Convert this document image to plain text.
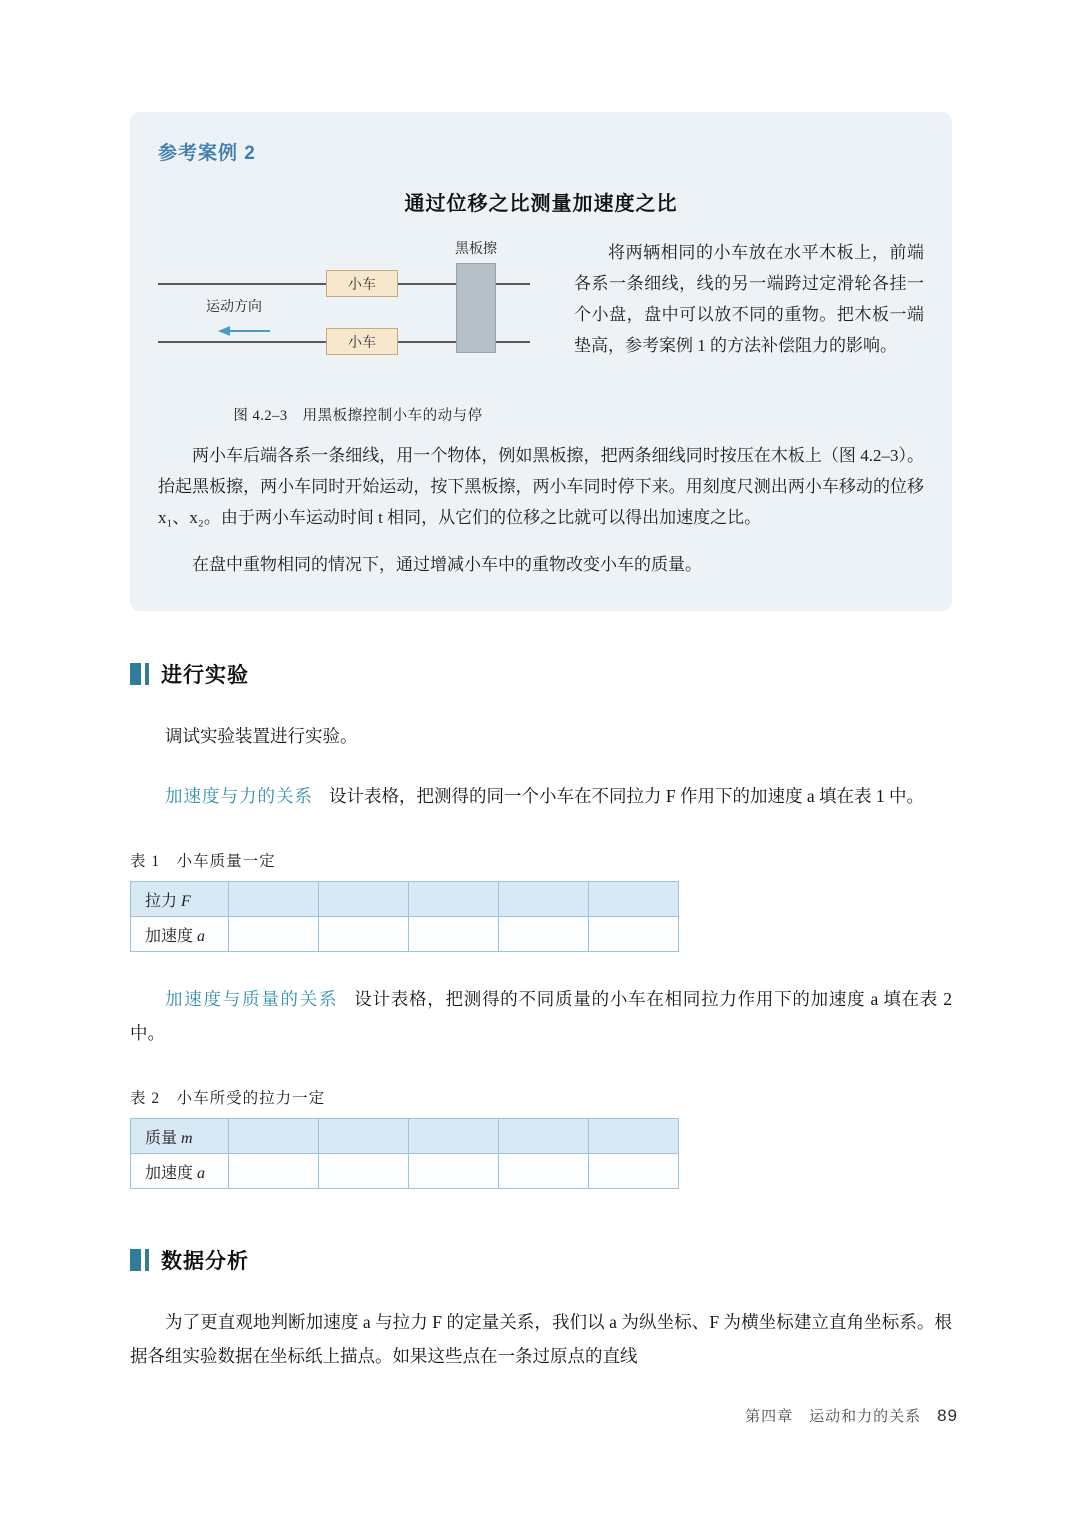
参考案例 2
通过位移之比测量加速度之比
黑板擦
小车
小车
运动方向
图 4.2–3　用黑板擦控制小车的动与停

将两辆相同的小车放在水平木板上，前端各系一条细线，线的另一端跨过定滑轮各挂一个小盘，盘中可以放不同的重物。把木板一端垫高，参考案例 1 的方法补偿阻力的影响。

两小车后端各系一条细线，用一个物体，例如黑板擦，把两条细线同时按压在木板上（图 4.2–3）。抬起黑板擦，两小车同时开始运动，按下黑板擦，两小车同时停下来。用刻度尺测出两小车移动的位移 x₁、x₂。由于两小车运动时间 t 相同，从它们的位移之比就可以得出加速度之比。

在盘中重物相同的情况下，通过增减小车中的重物改变小车的质量。

进行实验

调试实验装置进行实验。

加速度与力的关系 设计表格，把测得的同一个小车在不同拉力 F 作用下的加速度 a 填在表 1 中。

表 1　小车质量一定
拉力 F					
加速度 a					

加速度与质量的关系 设计表格，把测得的不同质量的小车在相同拉力作用下的加速度 a 填在表 2 中。

表 2　小车所受的拉力一定
质量 m					
加速度 a					
数据分析

为了更直观地判断加速度 a 与拉力 F 的定量关系，我们以 a 为纵坐标、F 为横坐标建立直角坐标系。根据各组实验数据在坐标纸上描点。如果这些点在一条过原点的直线

第四章　运动和力的关系 89
